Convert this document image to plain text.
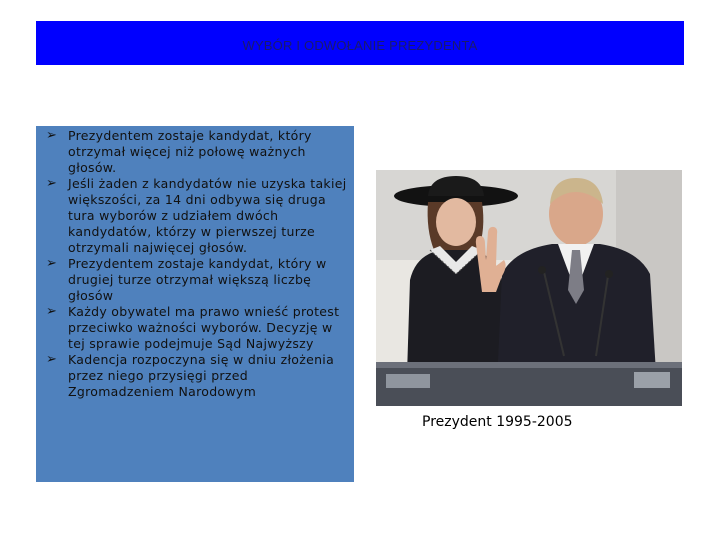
WYBÓR I ODWOŁANIE PREZYDENTA
➢ Prezydentem zostaje kandydat, który otrzymał więcej niż połowę ważnych głosów.
➢ Jeśli żaden z kandydatów nie uzyska takiej większości, za 14 dni odbywa się druga tura wyborów z udziałem dwóch kandydatów, którzy w pierwszej turze otrzymali najwięcej głosów.
➢ Prezydentem zostaje kandydat, który w drugiej turze otrzymał większą liczbę głosów
➢ Każdy obywatel ma prawo wnieść protest przeciwko ważności wyborów. Decyzję w tej sprawie podejmuje Sąd Najwyższy
➢ Kadencja rozpoczyna się w dniu złożenia przez niego przysięgi przed Zgromadzeniem Narodowym
Prezydent 1995-2005
